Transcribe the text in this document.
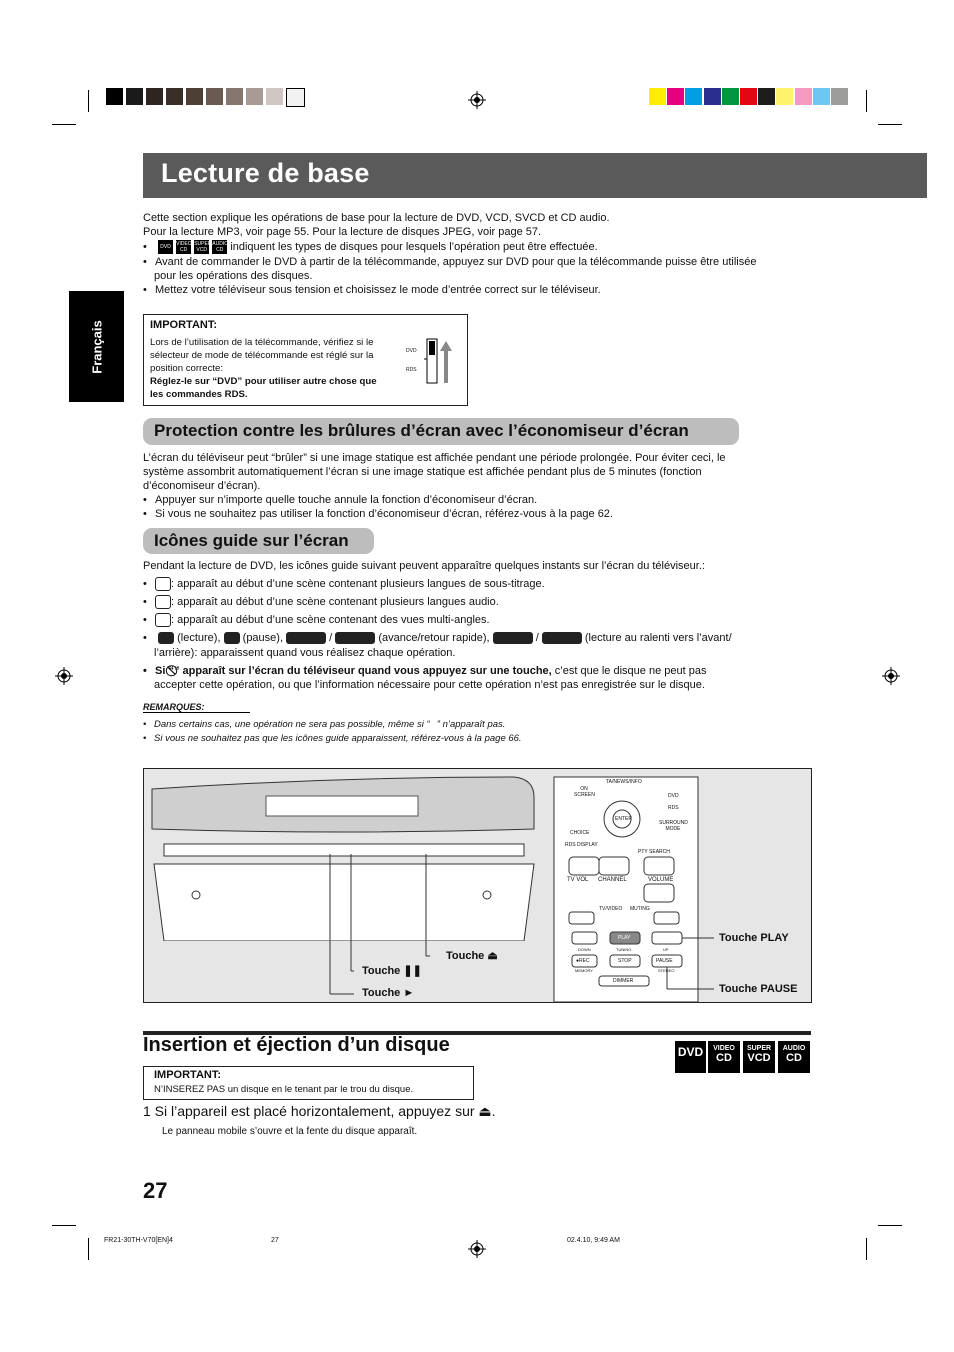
Lecture de base
Français
Cette section explique les opérations de base pour la lecture de DVD, VCD, SVCD et CD audio.
Pour la lecture MP3, voir page 55. Pour la lecture de disques JPEG, voir page 57.
•	DVD
	VIDEO CD

SUPER VCD

AUDIO CD indiquent les types de disques pour lesquels l’opération peut être effectuée.
• Avant de commander le DVD à partir de la télécommande, appuyez sur DVD pour que la télécommande puisse être utilisée
pour les opérations des disques.
• Mettez votre téléviseur sous tension et choisissez le mode d’entrée correct sur le téléviseur.
IMPORTANT:
Lors de l’utilisation de la télécommande, vérifiez si le
sélecteur de mode de télécommande est réglé sur la
position correcte:
Réglez-le sur “DVD” pour utiliser autre chose que
les commandes RDS.
DVD
RDS
Protection contre les brûlures d’écran avec l’économiseur d’écran
L’écran du téléviseur peut “brûler” si une image statique est affichée pendant une période prolongée. Pour éviter ceci, le
système assombrit automatiquement l’écran si une image statique est affichée pendant plus de 5 minutes (fonction
d’économiseur d’écran).
• Appuyer sur n’importe quelle touche annule la fonction d’économiseur d’écran.
• Si vous ne souhaitez pas utiliser la fonction d’économiseur d’écran, référez-vous à la page 62.
Icônes guide sur l’écran
Pendant la lecture de DVD, les icônes guide suivant peuvent apparaître quelques instants sur l’écran du téléviseur.:
• : apparaît au début d’une scène contenant plusieurs langues de sous-titrage.
• : apparaît au début d’une scène contenant plusieurs langues audio.
• : apparaît au début d’une scène contenant des vues multi-angles.
•	(lecture), (pause),	/	(avance/retour rapide),	/	(lecture au ralenti vers l’avant/
l’arrière): apparaissent quand vous réalisez chaque opération.
• Si “” apparaît sur l’écran du téléviseur quand vous appuyez sur une touche, c’est que le disque ne peut pas
accepter cette opération, ou que l’information nécessaire pour cette opération n’est pas enregistrée sur le disque.
REMARQUES:
• Dans certains cas, une opération ne sera pas possible, même si “” n’apparaît pas.
• Si vous ne souhaitez pas que les icônes guide apparaissent, référez-vous à la page 66.
Touche ►
Touche ❚❚
Touche ⏏
Touche PLAY
Touche PAUSE
TA/NEWS/INFO
ON SCREEN
ENTER
CHOICE
RDS DISPLAY
PTY SEARCH
SURROUND MODE
DVD
RDS
TV VOL CHANNEL	VOLUME
TV/VIDEO MUTING
PLAY
DOWN	TUNING	UP
●REC	STOP	PAUSE
MEMORY	STEREO
DIMMER
Insertion et éjection d’un disque	DVD	VIDEO
CD
SUPER
VCD
AUDIO
CD
IMPORTANT:
N’INSEREZ PAS un disque en le tenant par le trou du disque.
1 Si l’appareil est placé horizontalement, appuyez sur ⏏.
Le panneau mobile s’ouvre et la fente du disque apparaît.
27
FR21-30TH-V70[EN]4	27	02.4.10, 9:49 AM
